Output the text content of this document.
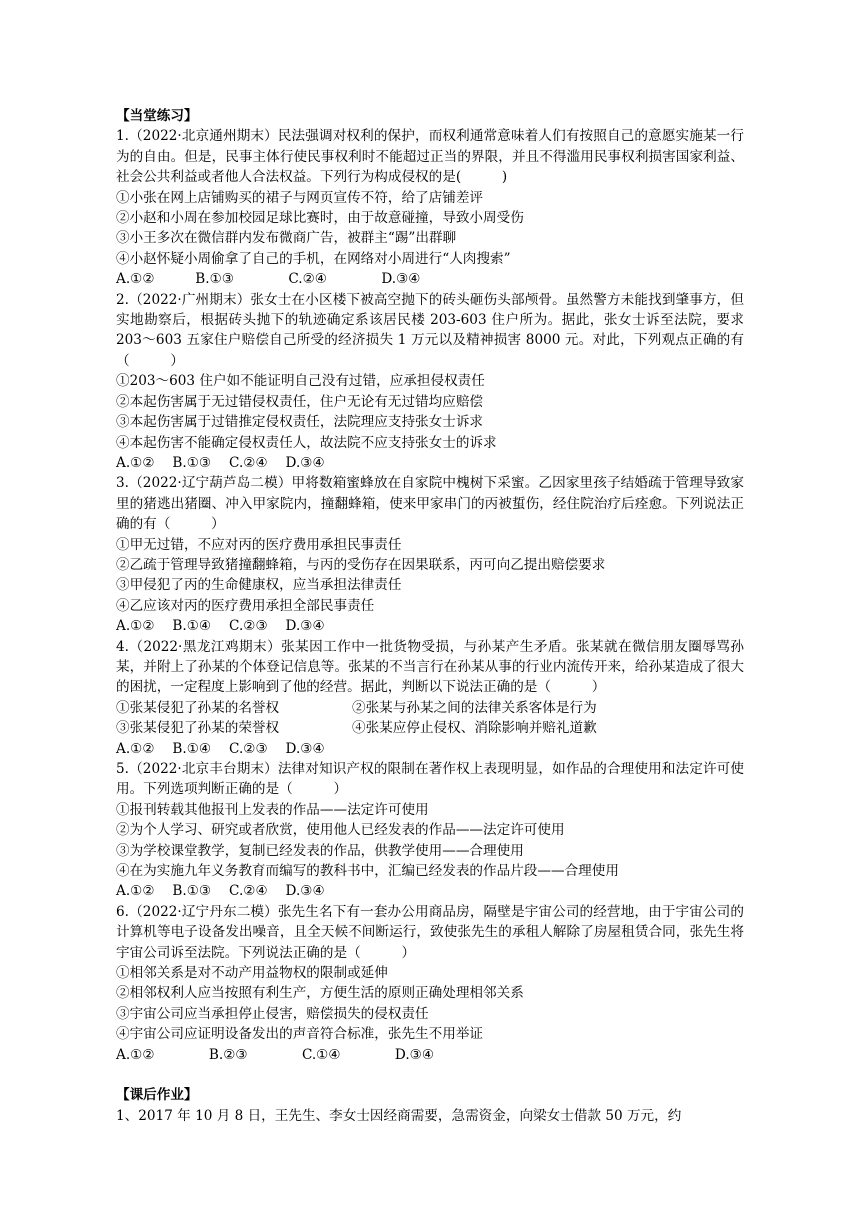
【当堂练习】

1.（2022·北京通州期末）民法强调对权利的保护，而权利通常意味着人们有按照自己的意愿实施某一行为的自由。但是，民事主体行使民事权利时不能超过正当的界限，并且不得滥用民事权利损害国家利益、社会公共利益或者他人合法权益。下列行为构成侵权的是(　　　)

①小张在网上店铺购买的裙子与网页宣传不符，给了店铺差评
②小赵和小周在参加校园足球比赛时，由于故意碰撞，导致小周受伤
③小王多次在微信群内发布微商广告，被群主“踢”出群聊
④小赵怀疑小周偷拿了自己的手机，在网络对小周进行“人肉搜索”
A.①②　　　B.①③　　　　C.②④　　　　D.③④

2.（2022·广州期末）张女士在小区楼下被高空抛下的砖头砸伤头部颅骨。虽然警方未能找到肇事方，但实地勘察后，根据砖头抛下的轨迹确定系该居民楼 203-603 住户所为。据此，张女士诉至法院，要求 203～603 五家住户赔偿自己所受的经济损失 1 万元以及精神损害 8000 元。对此，下列观点正确的有（　　　）

①203～603 住户如不能证明自己没有过错，应承担侵权责任
②本起伤害属于无过错侵权责任，住户无论有无过错均应赔偿
③本起伤害属于过错推定侵权责任，法院理应支持张女士诉求
④本起伤害不能确定侵权责任人，故法院不应支持张女士的诉求
A.①②　 B.①③　 C.②④　 D.③④

3.（2022·辽宁葫芦岛二模）甲将数箱蜜蜂放在自家院中槐树下采蜜。乙因家里孩子结婚疏于管理导致家里的猪逃出猪圈、冲入甲家院内，撞翻蜂箱，使来甲家串门的丙被蜇伤，经住院治疗后痊愈。下列说法正确的有（　　　）

①甲无过错，不应对丙的医疗费用承担民事责任
②乙疏于管理导致猪撞翻蜂箱，与丙的受伤存在因果联系，丙可向乙提出赔偿要求
③甲侵犯了丙的生命健康权，应当承担法律责任
④乙应该对丙的医疗费用承担全部民事责任
A.①②　 B.①④　 C.②③　 D.③④

4.（2022·黑龙江鸡期末）张某因工作中一批货物受损，与孙某产生矛盾。张某就在微信朋友圈辱骂孙某，并附上了孙某的个体登记信息等。张某的不当言行在孙某从事的行业内流传开来，给孙某造成了很大的困扰，一定程度上影响到了他的经营。据此，判断以下说法正确的是（　　　）

①张某侵犯了孙某的名誉权	②张某与孙某之间的法律关系客体是行为
③张某侵犯了孙某的荣誉权	④张某应停止侵权、消除影响并赔礼道歉
A.①②　 B.①④　 C.②③　 D.③④

5.（2022·北京丰台期末）法律对知识产权的限制在著作权上表现明显，如作品的合理使用和法定许可使用。下列选项判断正确的是（　　　）

①报刊转载其他报刊上发表的作品——法定许可使用
②为个人学习、研究或者欣赏，使用他人已经发表的作品——法定许可使用
③为学校课堂教学，复制已经发表的作品，供教学使用——合理使用
④在为实施九年义务教育而编写的教科书中，汇编已经发表的作品片段——合理使用
A.①②　 B.①③　 C.②④　 D.③④

6.（2022·辽宁丹东二模）张先生名下有一套办公用商品房，隔壁是宇宙公司的经营地，由于宇宙公司的计算机等电子设备发出噪音，且全天候不间断运行，致使张先生的承租人解除了房屋租赁合同，张先生将宇宙公司诉至法院。下列说法正确的是（　　　）

①相邻关系是对不动产用益物权的限制或延伸
②相邻权利人应当按照有利生产，方便生活的原则正确处理相邻关系
③宇宙公司应当承担停止侵害，赔偿损失的侵权责任
④宇宙公司应证明设备发出的声音符合标准，张先生不用举证
A.①②　　　　B.②③　　　　C.①④　　　　D.③④

【课后作业】

1、2017 年 10 月 8 日，王先生、李女士因经商需要，急需资金，向梁女士借款 50 万元，约
